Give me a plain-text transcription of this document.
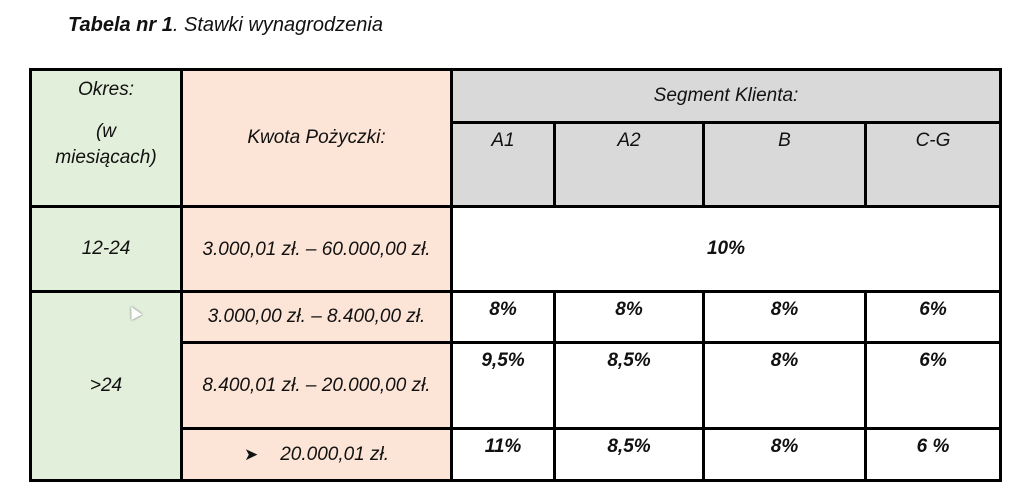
Tabela nr 1. Stawki wynagrodzenia
Okres:
(w
miesiącach)	Kwota Pożyczki:	Segment Klienta:			
		A1	A2	B	C-G
12-24	3.000,01 zł. – 60.000,00 zł.	10%			
>24	3.000,00 zł. – 8.400,00 zł.	8%	8%	8%	6%
	8.400,01 zł. – 20.000,00 zł.	9,5%	8,5%	8%	6%
	➤ 20.000,01 zł.	11%	8,5%	8%	6 %
